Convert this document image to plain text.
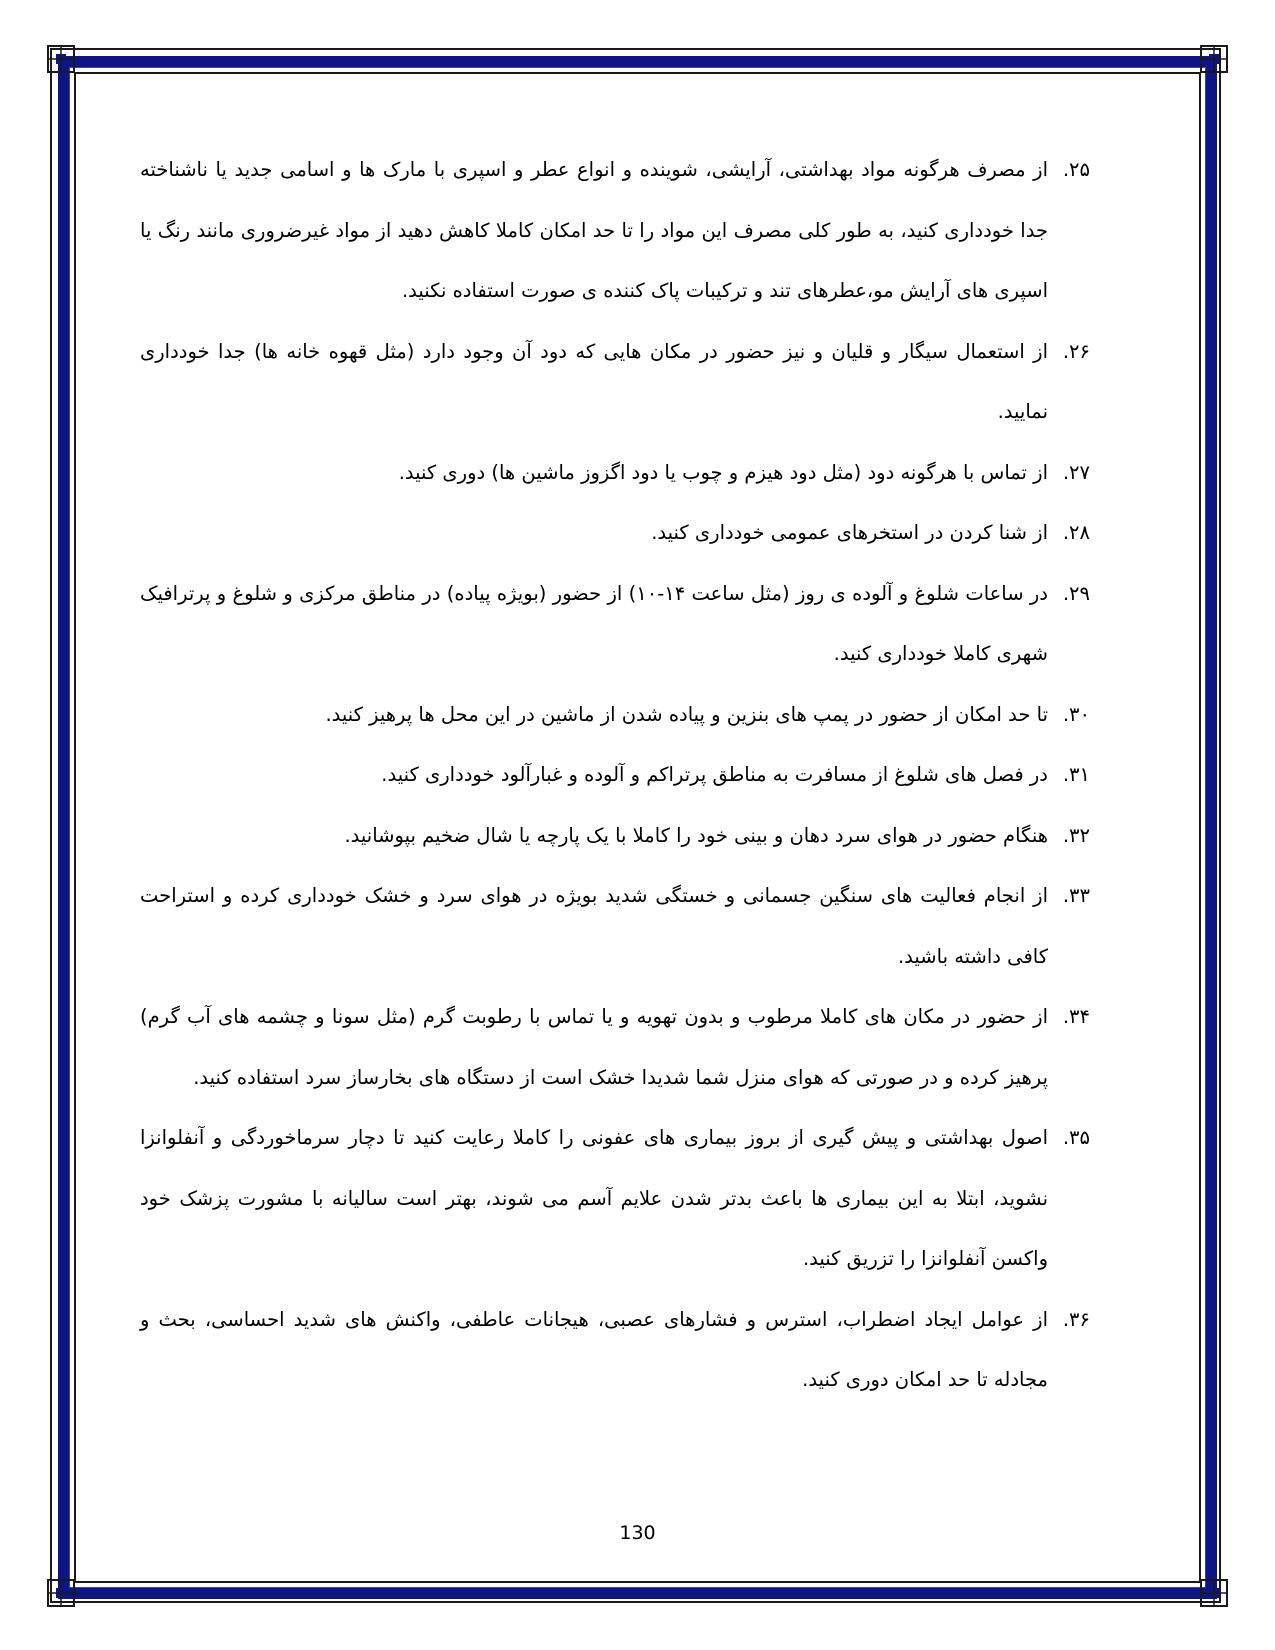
۲۵.
از مصرف هرگونه مواد بهداشتی، آرایشی، شوینده و انواع عطر و اسپری با مارک ها و اسامی جدید یا ناشناخته جدا خودداری کنید، به طور کلی مصرف این مواد را تا حد امکان کاملا کاهش دهید از مواد غیرضروری مانند رنگ یا اسپری های آرایش مو،عطرهای تند و ترکیبات پاک کننده ی صورت استفاده نکنید.
۲۶.
از استعمال سیگار و قلیان و نیز حضور در مکان هایی که دود آن وجود دارد (مثل قهوه خانه ها) جدا خودداری نمایید.
۲۷.
از تماس با هرگونه دود (مثل دود هیزم و چوب یا دود اگزوز ماشین ها) دوری کنید.
۲۸.
از شنا کردن در استخرهای عمومی خودداری کنید.
۲۹.
در ساعات شلوغ و آلوده ی روز (مثل ساعت ۱۴-۱۰) از حضور (بویژه پیاده) در مناطق مرکزی و شلوغ و پرترافیک شهری کاملا خودداری کنید.
۳۰.
تا حد امکان از حضور در پمپ های بنزین و پیاده شدن از ماشین در این محل ها پرهیز کنید.
۳۱.
در فصل های شلوغ از مسافرت به مناطق پرتراکم و آلوده و غبارآلود خودداری کنید.
۳۲.
هنگام حضور در هوای سرد دهان و بینی خود را کاملا با یک پارچه یا شال ضخیم بپوشانید.
۳۳.
از انجام فعالیت های سنگین جسمانی و خستگی شدید بویژه در هوای سرد و خشک خودداری کرده و استراحت کافی داشته باشید.
۳۴.
از حضور در مکان های کاملا مرطوب و بدون تهویه و یا تماس با رطوبت گرم (مثل سونا و چشمه های آب گرم) پرهیز کرده و در صورتی که هوای منزل شما شدیدا خشک است از دستگاه های بخارساز سرد استفاده کنید.
۳۵.
اصول بهداشتی و پیش گیری از بروز بیماری های عفونی را کاملا رعایت کنید تا دچار سرماخوردگی و آنفلوانزا نشوید، ابتلا به این بیماری ها باعث بدتر شدن علایم آسم می شوند، بهتر است سالیانه با مشورت پزشک خود واکسن آنفلوانزا را تزریق کنید.
۳۶.
از عوامل ایجاد اضطراب، استرس و فشارهای عصبی، هیجانات عاطفی، واکنش های شدید احساسی، بحث و مجادله تا حد امکان دوری کنید.
130
